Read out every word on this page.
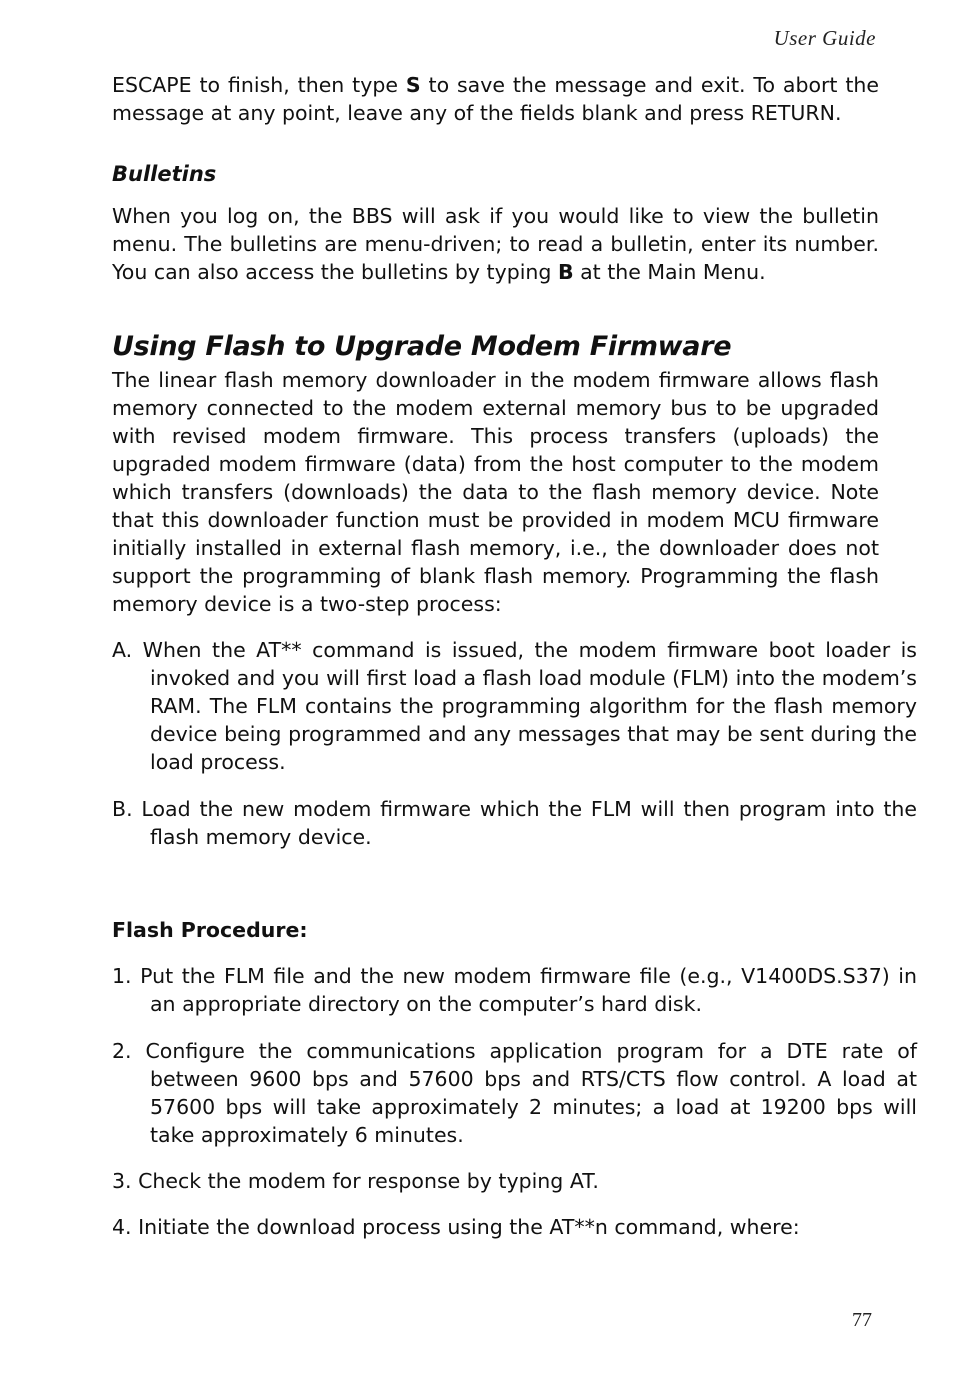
User Guide

ESCAPE to finish, then type S to save the message and exit. To abort the message at any point, leave any of the fields blank and press RETURN.

Bulletins

When you log on, the BBS will ask if you would like to view the bulletin menu. The bulletins are menu-driven; to read a bulletin, enter its number. You can also access the bulletins by typing B at the Main Menu.

Using Flash to Upgrade Modem Firmware

The linear flash memory downloader in the modem firmware allows flash memory connected to the modem external memory bus to be upgraded with revised modem firmware. This process transfers (uploads) the upgraded modem firmware (data) from the host computer to the modem which transfers (downloads) the data to the flash memory device. Note that this downloader function must be provided in modem MCU firmware initially installed in external flash memory, i.e., the downloader does not support the programming of blank flash memory. Programming the flash memory device is a two-step process:

A. When the AT** command is issued, the modem firmware boot loader is invoked and you will first load a flash load module (FLM) into the modem’s RAM. The FLM contains the programming algorithm for the flash memory device being programmed and any messages that may be sent during the load process.

B. Load the new modem firmware which the FLM will then program into the flash memory device.

Flash Procedure:

1. Put the FLM file and the new modem firmware file (e.g., V1400DS.S37) in an appropriate directory on the computer’s hard disk.

2. Configure the communications application program for a DTE rate of between 9600 bps and 57600 bps and RTS/CTS flow control. A load at 57600 bps will take approximately 2 minutes; a load at 19200 bps will take approximately 6 minutes.

3. Check the modem for response by typing AT.

4. Initiate the download process using the AT**n command, where:

77
